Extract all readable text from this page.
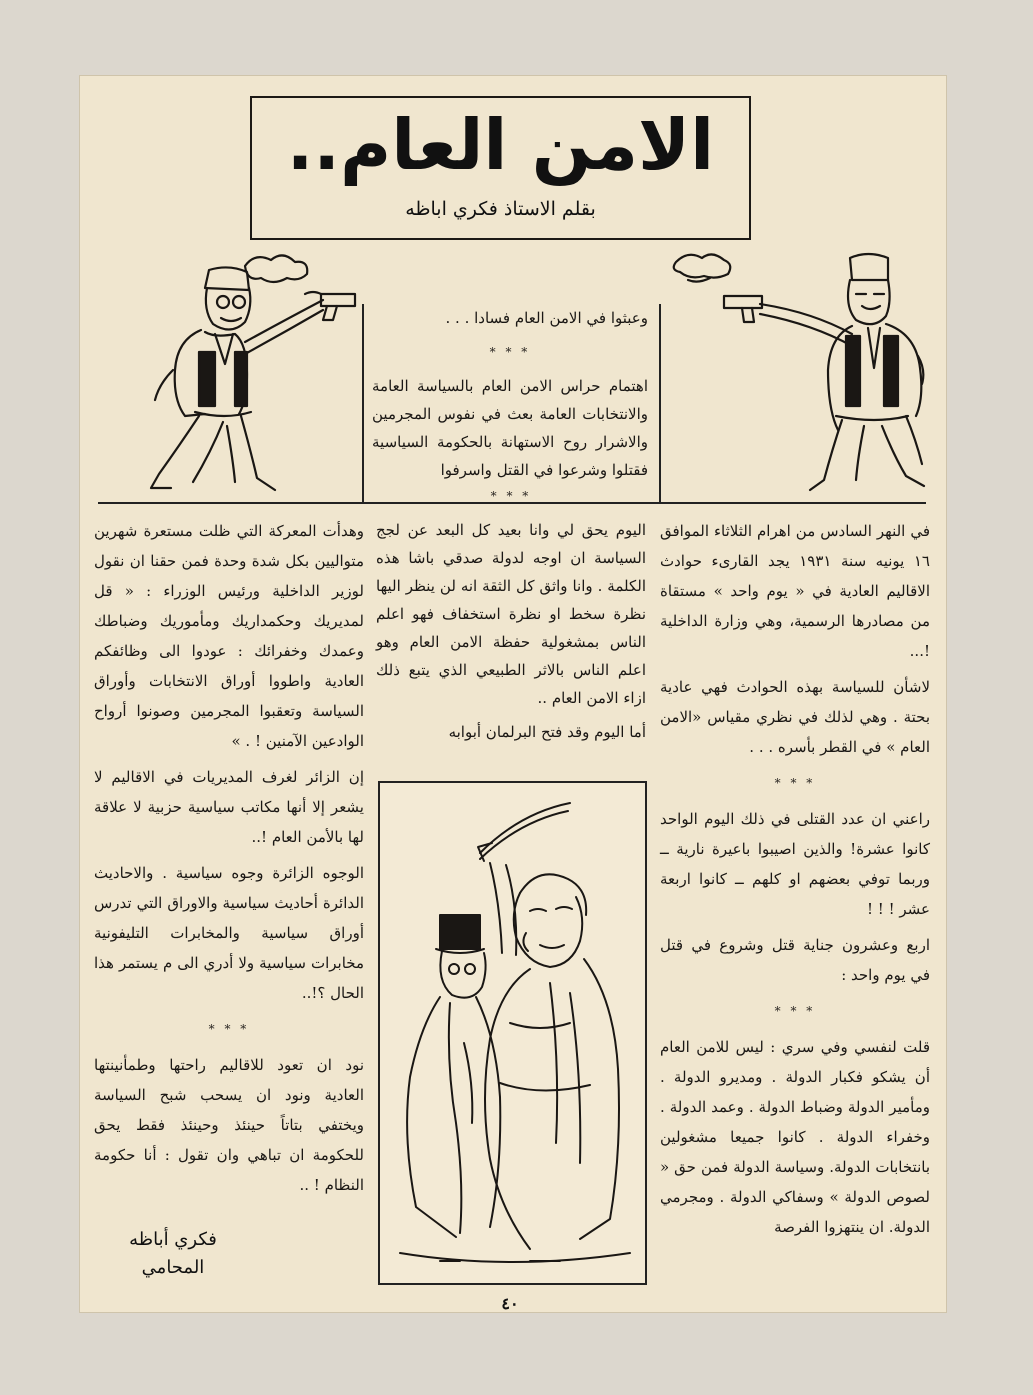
الامن العام..
بقلم الاستاذ فكري اباظه

وعبثوا في الامن العام فسادا . . .

* * *

اهتمام حراس الامن العام بالسياسة العامة والانتخابات العامة بعث في نفوس المجرمين والاشرار روح الاستهانة بالحكومة السياسية فقتلوا وشرعوا في القتل واسرفوا

* * *

اليوم يحق لي وانا بعيد كل البعد عن لجج السياسة ان اوجه لدولة صدقي باشا هذه الكلمة . وانا واثق كل الثقة انه لن ينظر اليها نظرة سخط او نظرة استخفاف فهو اعلم الناس بمشغولية حفظة الامن العام وهو اعلم الناس بالاثر الطبيعي الذي يتبع ذلك ازاء الامن العام ..

أما اليوم وقد فتح البرلمان أبوابه

في النهر السادس من اهرام الثلاثاء الموافق ١٦ يونيه سنة ١٩٣١ يجد القارىء حوادث الاقاليم العادية في « يوم واحد » مستقاة من مصادرها الرسمية، وهي وزارة الداخلية !...

لاشأن للسياسة بهذه الحوادث فهي عادية بحتة . وهي لذلك في نظري مقياس «الامن العام » في القطر بأسره . . .

* * *

راعني ان عدد القتلى في ذلك اليوم الواحد كانوا عشرة! والذين اصيبوا باعيرة نارية ــ وربما توفي بعضهم او كلهم ــ كانوا اربعة عشر ! ! !

اربع وعشرون جناية قتل وشروع في قتل في يوم واحد :

* * *

قلت لنفسي وفي سري : ليس للامن العام أن يشكو فكبار الدولة . ومديرو الدولة . ومأمير الدولة وضباط الدولة . وعمد الدولة . وخفراء الدولة . كانوا جميعا مشغولين بانتخابات الدولة. وسياسة الدولة فمن حق « لصوص الدولة » وسفاكي الدولة . ومجرمي الدولة. ان ينتهزوا الفرصة

وهدأت المعركة التي ظلت مستعرة شهرين متواليين بكل شدة وحدة فمن حقنا ان نقول لوزير الداخلية ورئيس الوزراء : « قل لمديريك وحكمداريك ومأموريك وضباطك وعمدك وخفرائك : عودوا الى وظائفكم العادية واطووا أوراق الانتخابات وأوراق السياسة وتعقبوا المجرمين وصونوا أرواح الوادعين الآمنين ! . »

إن الزائر لغرف المديريات في الاقاليم لا يشعر إلا أنها مكاتب سياسية حزبية لا علاقة لها بالأمن العام !..

الوجوه الزائرة وجوه سياسية . والاحاديث الدائرة أحاديث سياسية والاوراق التي تدرس أوراق سياسية والمخابرات التليفونية مخابرات سياسية ولا أدري الى م يستمر هذا الحال ؟!..

* * *

نود ان تعود للاقاليم راحتها وطمأنينتها العادية ونود ان يسحب شبح السياسة ويختفي بتاتاً حينئذ وحينئذ فقط يحق للحكومة ان تباهي وان تقول : أنا حكومة النظام ! ..

فكري أباظه
المحامي
٤٠
